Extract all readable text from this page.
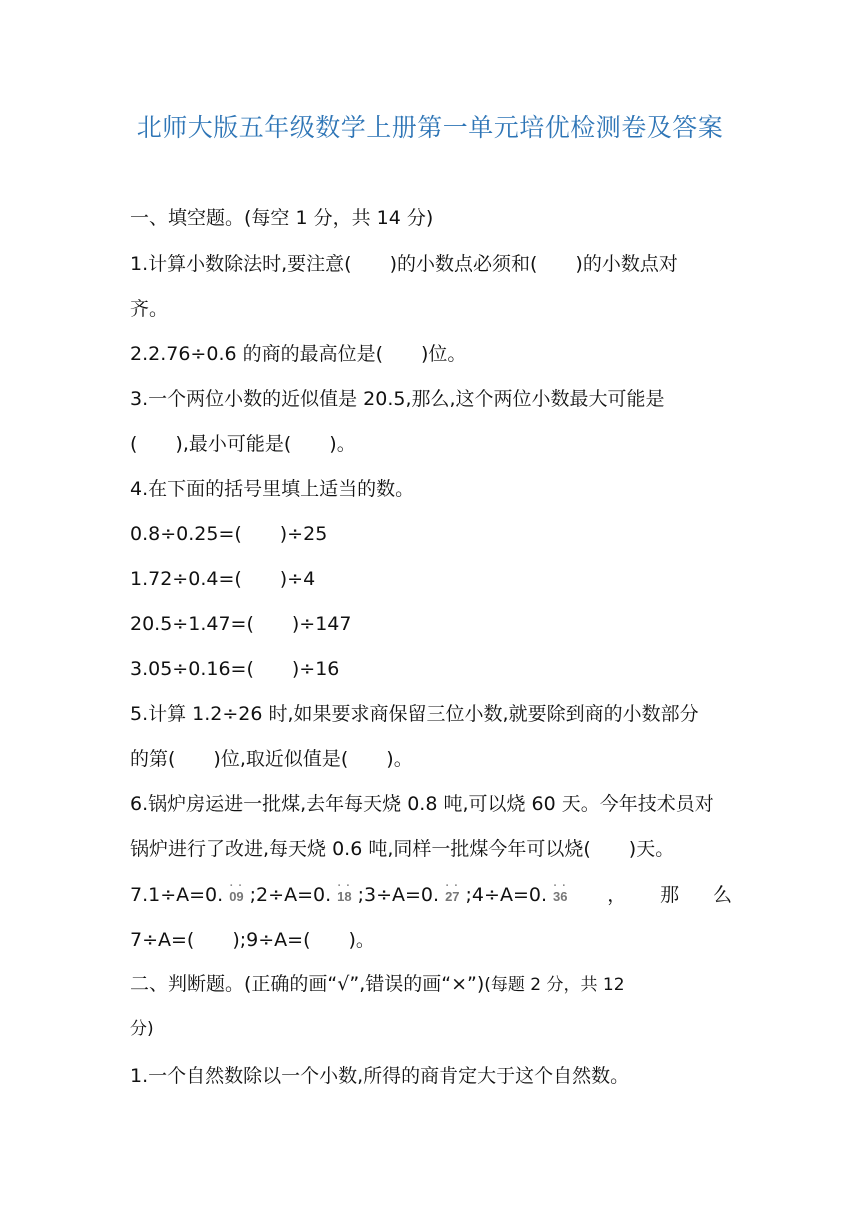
北师大版五年级数学上册第一单元培优检测卷及答案
一、填空题。(每空 1 分，共 14 分)
1.计算小数除法时,要注意(　　)的小数点必须和(　　)的小数点对
齐。
2.2.76÷0.6 的商的最高位是(　　)位。
3.一个两位小数的近似值是 20.5,那么,这个两位小数最大可能是
(　　),最小可能是(　　)。
4.在下面的括号里填上适当的数。
0.8÷0.25=(　　)÷25
1.72÷0.4=(　　)÷4
20.5÷1.47=(　　)÷147
3.05÷0.16=(　　)÷16
5.计算 1.2÷26 时,如果要求商保留三位小数,就要除到商的小数部分
的第(　　)位,取近似值是(　　)。
6.锅炉房运进一批煤,去年每天烧 0.8 吨,可以烧 60 天。今年技术员对
锅炉进行了改进,每天烧 0.6 吨,同样一批煤今年可以烧(　　)天。
7.1÷A=0. · · 09 ;2÷A=0. · · 18 ;3÷A=0. · · 27 ;4÷A=0. · · 36	， 那 么
7÷A=(　　);9÷A=(　　)。
二、判断题。(正确的画“√”,错误的画“×”)(每题 2 分，共 12
分)
1.一个自然数除以一个小数,所得的商肯定大于这个自然数。
